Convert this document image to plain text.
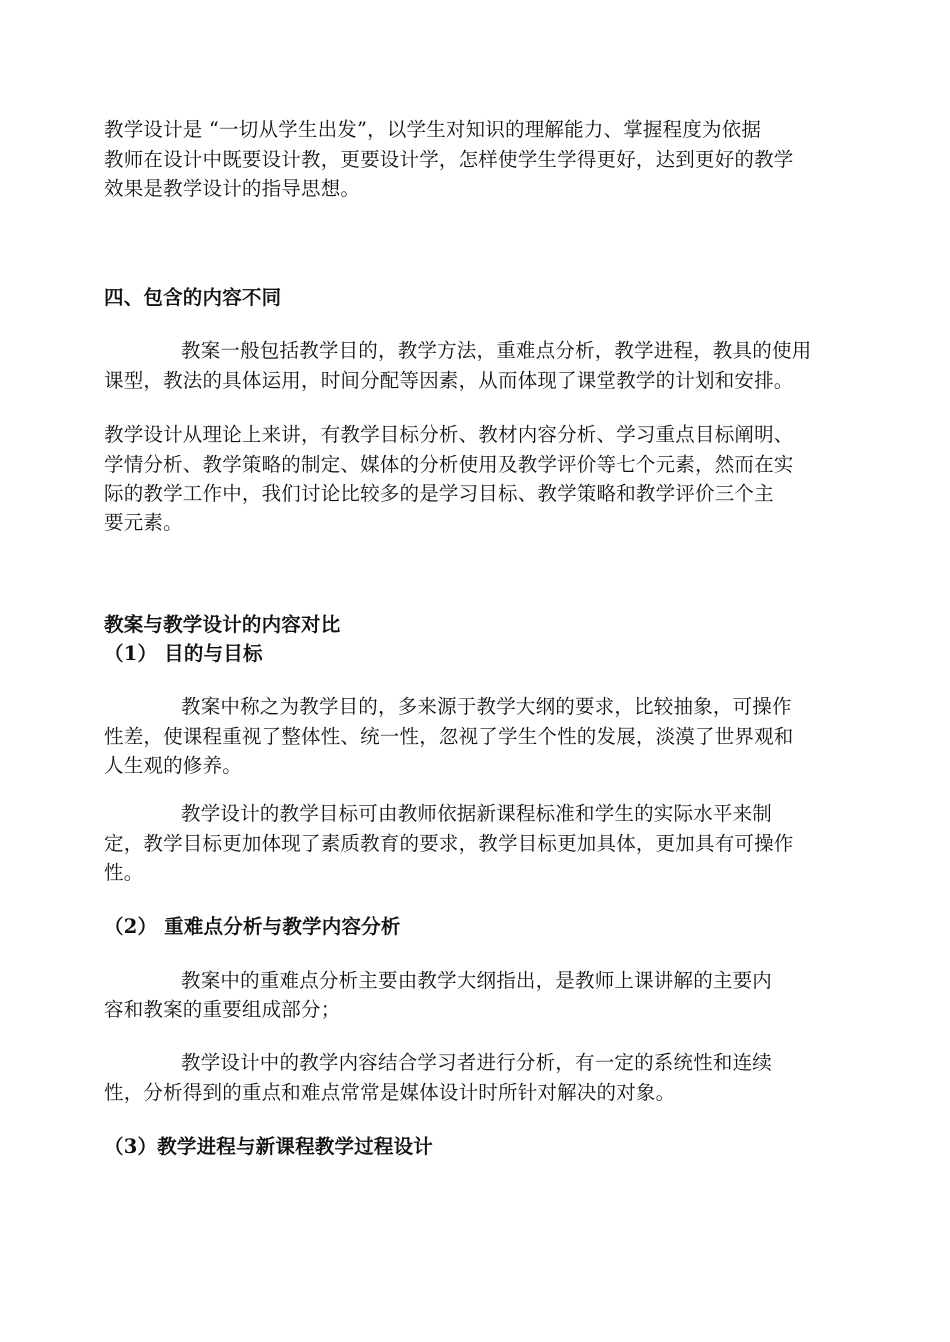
教学设计是 “一切从学生出发”，以学生对知识的理解能力、掌握程度为依据
教师在设计中既要设计教，更要设计学，怎样使学生学得更好，达到更好的教学
效果是教学设计的指导思想。
四、包含的内容不同
教案一般包括教学目的，教学方法，重难点分析，教学进程，教具的使用
课型，教法的具体运用，时间分配等因素，从而体现了课堂教学的计划和安排。
教学设计从理论上来讲，有教学目标分析、教材内容分析、学习重点目标阐明、
学情分析、教学策略的制定、媒体的分析使用及教学评价等七个元素，然而在实
际的教学工作中，我们讨论比较多的是学习目标、教学策略和教学评价三个主
要元素。
教案与教学设计的内容对比
（1） 目的与目标
教案中称之为教学目的，多来源于教学大纲的要求，比较抽象，可操作
性差，使课程重视了整体性、统一性，忽视了学生个性的发展，淡漠了世界观和
人生观的修养。
教学设计的教学目标可由教师依据新课程标准和学生的实际水平来制
定，教学目标更加体现了素质教育的要求，教学目标更加具体，更加具有可操作
性。
（2） 重难点分析与教学内容分析
教案中的重难点分析主要由教学大纲指出，是教师上课讲解的主要内
容和教案的重要组成部分；
教学设计中的教学内容结合学习者进行分析，有一定的系统性和连续
性，分析得到的重点和难点常常是媒体设计时所针对解决的对象。
（3）教学进程与新课程教学过程设计
